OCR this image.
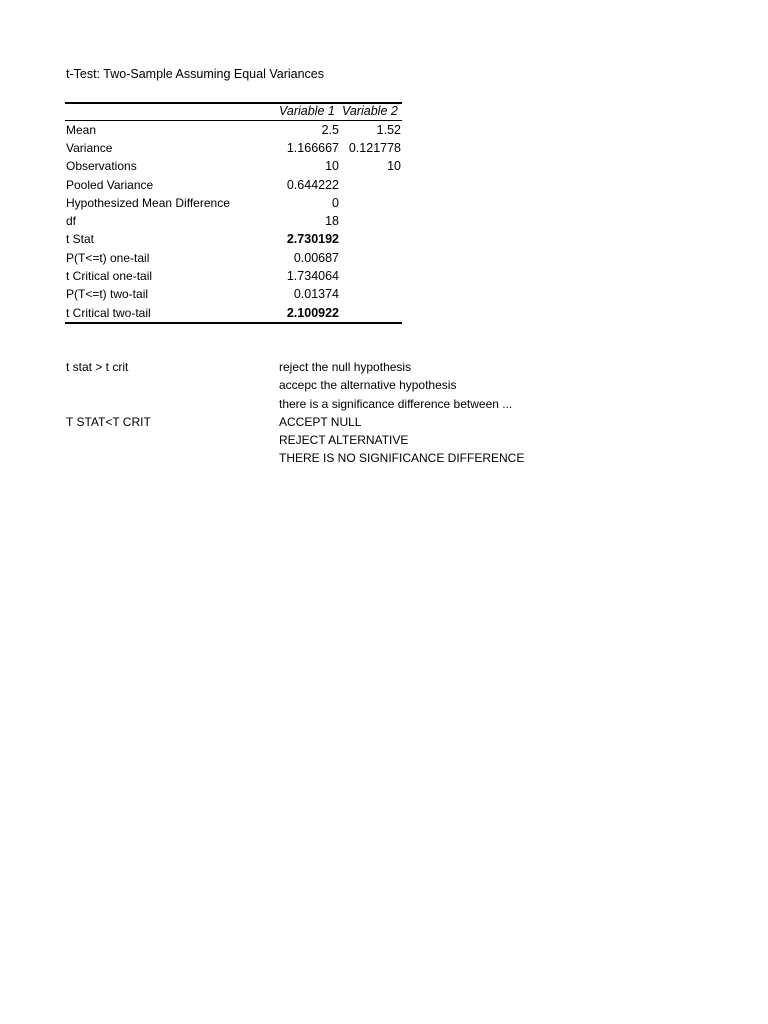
t-Test: Two-Sample Assuming Equal Variances
Variable 1 Variable 2
Mean	2.5	1.52
Variance	1.166667 0.121778
Observations	10	10
Pooled Variance	0.644222
Hypothesized Mean Difference	0
df	18
t Stat	2.730192
P(T<=t) one-tail	0.00687
t Critical one-tail	1.734064
P(T<=t) two-tail	0.01374
t Critical two-tail	2.100922
t stat > t crit	reject the null hypothesis
accepc the alternative hypothesis
there is a significance difference between ...
T STAT<T CRIT	ACCEPT NULL
REJECT ALTERNATIVE
THERE IS NO SIGNIFICANCE DIFFERENCE
